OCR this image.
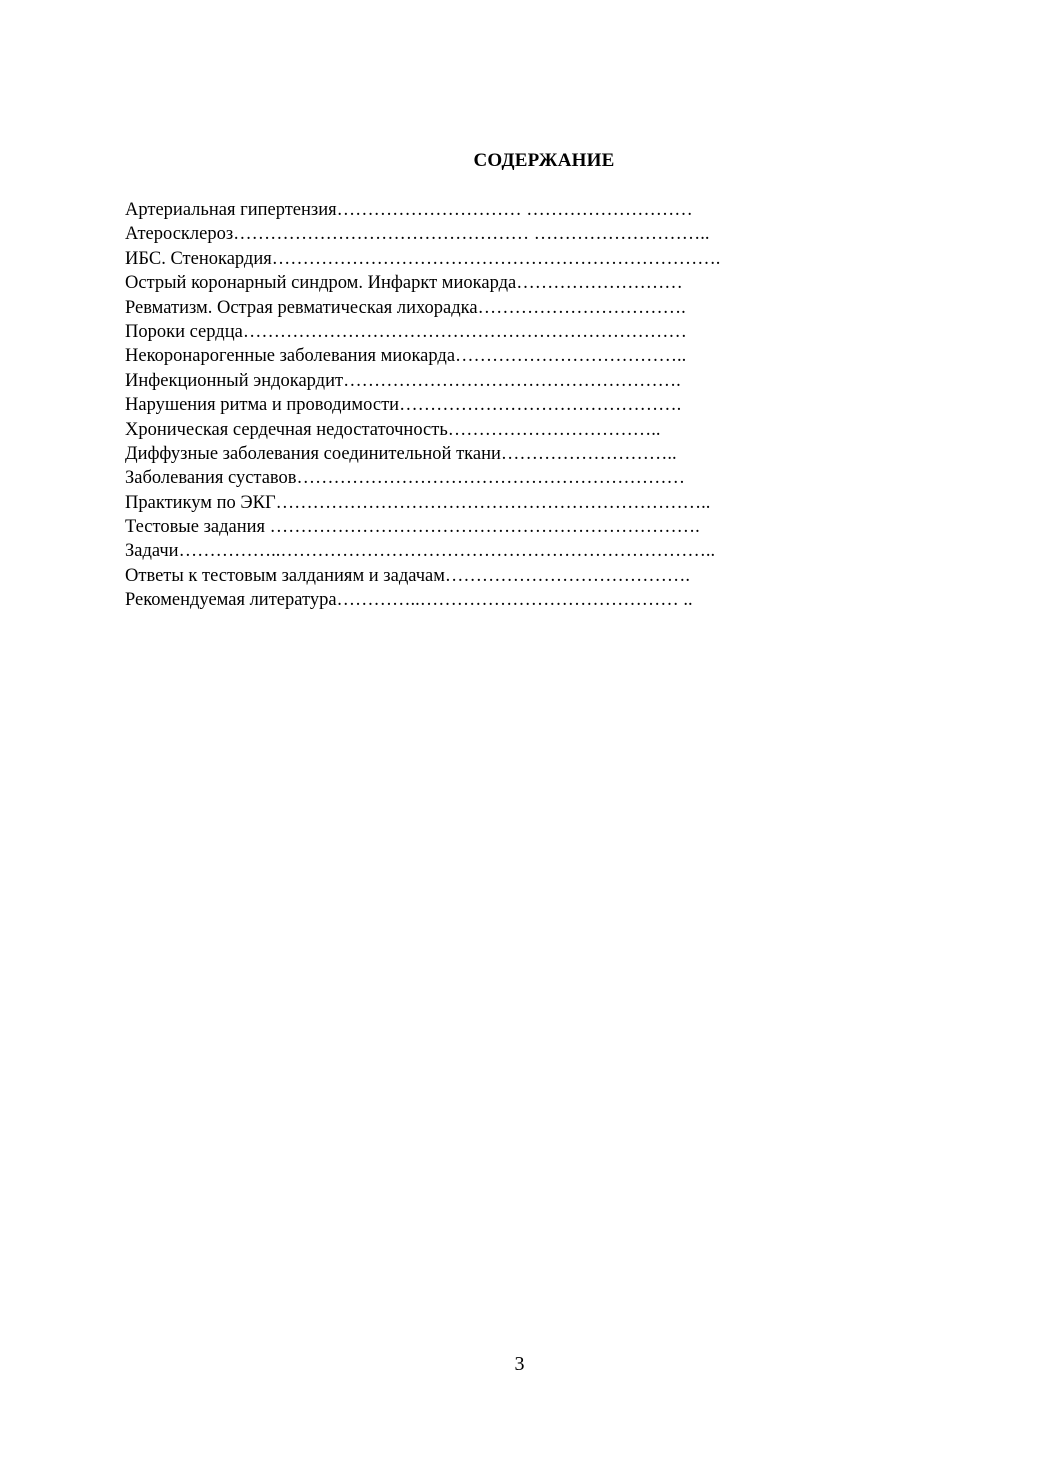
СОДЕРЖАНИЕ
Артериальная гипертензия………………………… ………………………
Атеросклероз………………………………………… ………………………..
ИБС. Стенокардия……………………………………………………………….
Острый коронарный синдром. Инфаркт миокарда………………………
Ревматизм. Острая ревматическая лихорадка…………………………….
Пороки сердца………………………………………………………………
Некоронарогенные заболевания миокарда………………………………..
Инфекционный эндокардит……………………………………………….
Нарушения ритма и проводимости……………………………………….
Хроническая сердечная недостаточность……………………………..
Диффузные заболевания соединительной ткани………………………..
Заболевания суставов………………………………………………………
Практикум по ЭКГ……………………………………………………………..
Тестовые задания …………………………………………………………….
Задачи……………..……………………………………………………………..
Ответы к тестовым залданиям и задачам………………………………….
Рекомендуемая литература…………..…………………………………… ..
3
